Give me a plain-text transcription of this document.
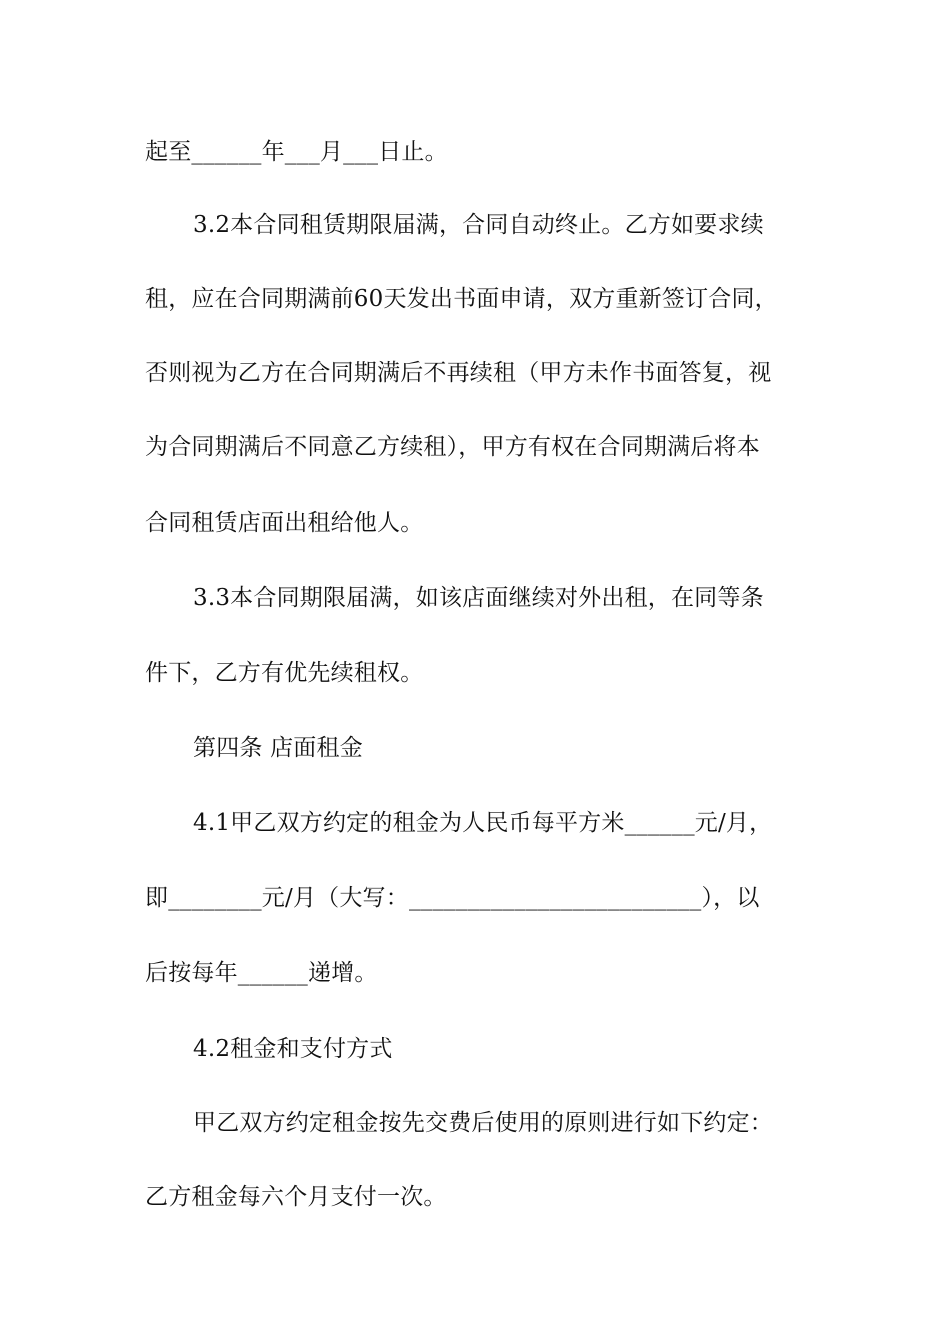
起至______年___月___日止。
3.2本合同租赁期限届满，合同自动终止。乙方如要求续
租，应在合同期满前60天发出书面申请，双方重新签订合同，
否则视为乙方在合同期满后不再续租（甲方未作书面答复，视
为合同期满后不同意乙方续租），甲方有权在合同期满后将本
合同租赁店面出租给他人。
3.3本合同期限届满，如该店面继续对外出租，在同等条
件下，乙方有优先续租权。
第四条 店面租金
4.1甲乙双方约定的租金为人民币每平方米______元/月，
即________元/月（大写：_________________________），以
后按每年______递增。
4.2租金和支付方式
甲乙双方约定租金按先交费后使用的原则进行如下约定：
乙方租金每六个月支付一次。
